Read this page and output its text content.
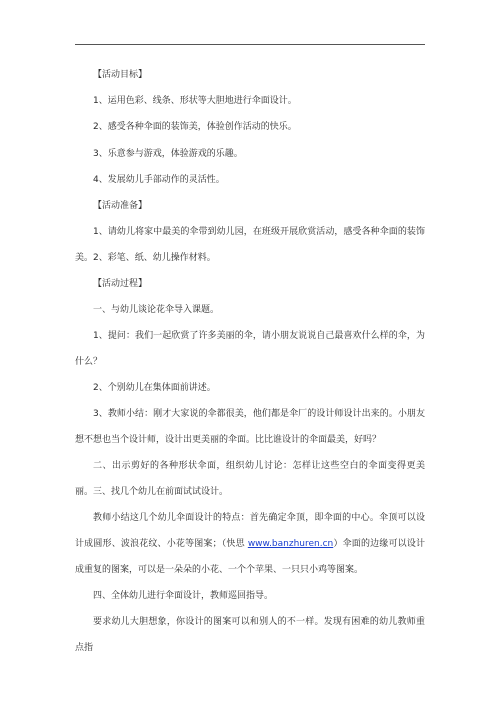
【活动目标】

1、运用色彩、线条、形状等大胆地进行伞面设计。

2、感受各种伞面的装饰美，体验创作活动的快乐。

3、乐意参与游戏，体验游戏的乐趣。

4、发展幼儿手部动作的灵活性。

【活动准备】

1、请幼儿将家中最美的伞带到幼儿园，在班级开展欣赏活动，感受各种伞面的装饰美。 2、彩笔、纸、幼儿操作材料。

【活动过程】

一、与幼儿谈论花伞导入课题。

1、提问：我们一起欣赏了许多美丽的伞，请小朋友说说自己最喜欢什么样的伞，为什么？

2、个别幼儿在集体面前讲述。

3、教师小结：刚才大家说的伞都很美，他们都是伞厂的设计师设计出来的。小朋友想不想也当个设计师，设计出更美丽的伞面。比比谁设计的伞面最美，好吗？

二、出示剪好的各种形状伞面，组织幼儿讨论：怎样让这些空白的伞面变得更美丽。 三、找几个幼儿在前面试试设计。

教师小结这几个幼儿伞面设计的特点：首先确定伞顶，即伞面的中心。伞顶可以设计成圆形、波浪花纹、小花等图案；（快思 www.banzhuren.cn）伞面的边缘可以设计成重复的图案，可以是一朵朵的小花、一个个苹果、一只只小鸡等图案。

四、全体幼儿进行伞面设计，教师巡回指导。

要求幼儿大胆想象，你设计的图案可以和别人的不一样。发现有困难的幼儿教师重点指
